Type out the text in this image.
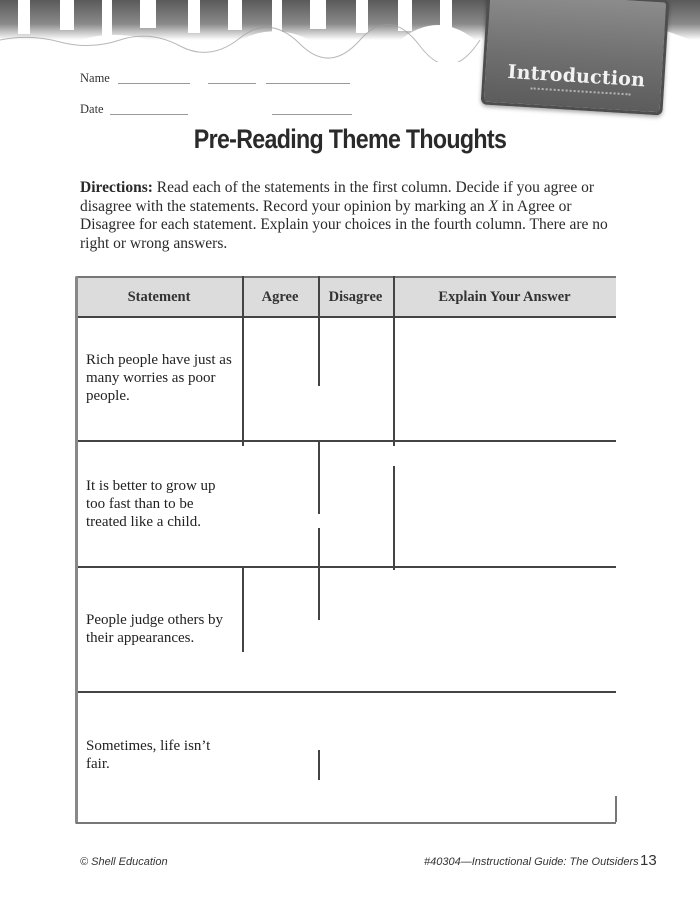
Introduction
Name
Date
Pre-Reading Theme Thoughts
Directions: Read each of the statements in the first column. Decide if you agree or disagree with the statements. Record your opinion by marking an X in Agree or Disagree for each statement. Explain your choices in the fourth column. There are no right or wrong answers.
Statement	Agree	Disagree	Explain Your Answer
Rich people have just as many worries as poor people.
It is better to grow up too fast than to be treated like a child.
People judge others by their appearances.
Sometimes, life isn’t fair.
© Shell Education	#40304—Instructional Guide: The Outsiders 13
